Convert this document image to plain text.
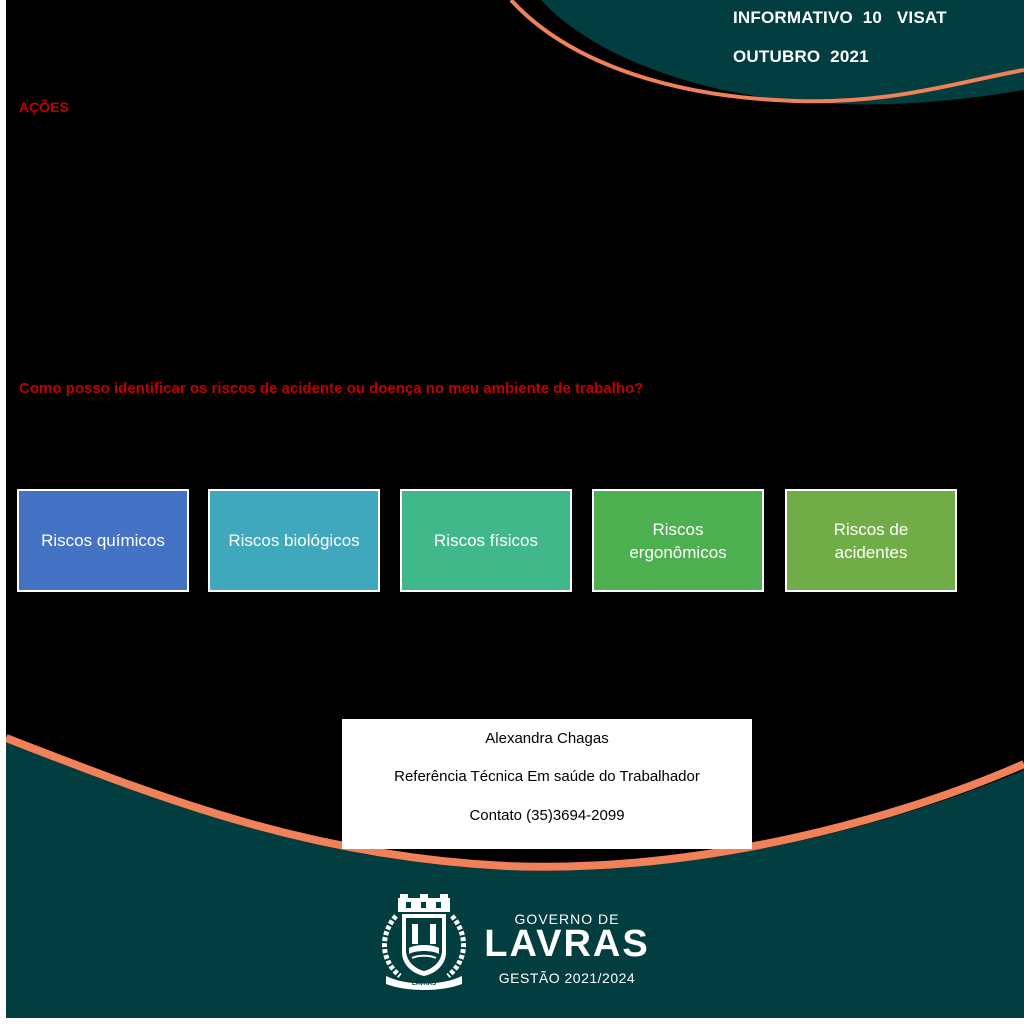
INFORMATIVO  10   VISAT
OUTUBRO  2021
AÇÕES
Como posso identificar os riscos de acidente ou doença no meu ambiente de trabalho?
Riscos químicos	Riscos biológicos	Riscos físicos
Riscos ergonômicos
Riscos de acidentes
Alexandra Chagas
Referência Técnica Em saúde do Trabalhador
Contato (35)3694-2099
LAVRAS
GOVERNO DE
LAVRAS
GESTÃO 2021/2024
